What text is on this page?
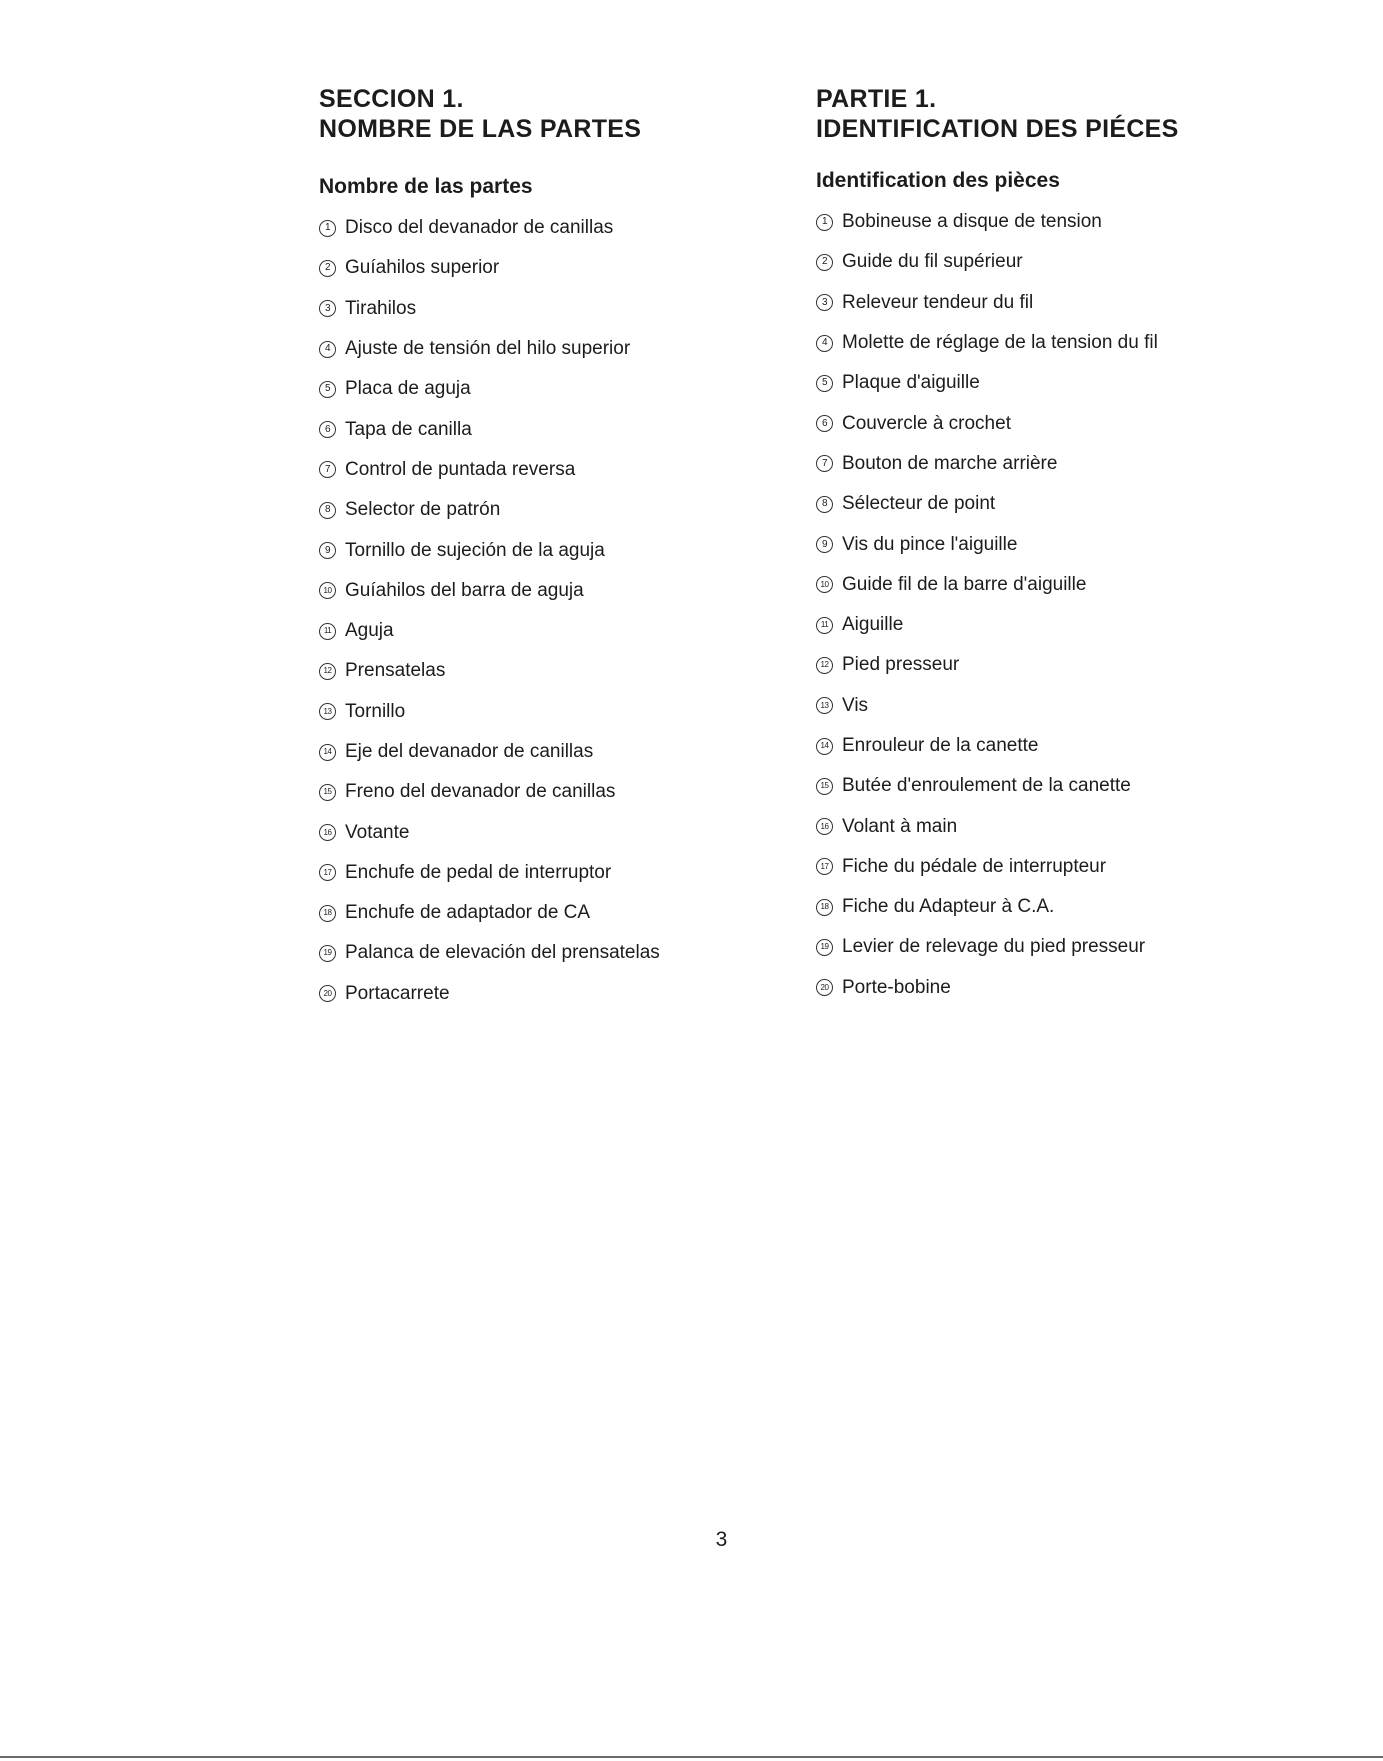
SECCION 1.
NOMBRE DE LAS PARTES
Nombre de las partes
1 Disco del devanador de canillas
2 Guíahilos superior
3 Tirahilos
4 Ajuste de tensión del hilo superior
5 Placa de aguja
6 Tapa de canilla
7 Control de puntada reversa
8 Selector de patrón
9 Tornillo de sujeción de la aguja
10 Guíahilos del barra de aguja
11 Aguja
12 Prensatelas
13 Tornillo
14 Eje del devanador de canillas
15 Freno del devanador de canillas
16 Votante
17 Enchufe de pedal de interruptor
18 Enchufe de adaptador de CA
19 Palanca de elevación del prensatelas
20 Portacarrete
PARTIE 1.
IDENTIFICATION DES PIÉCES
Identification des pièces
1 Bobineuse a disque de tension
2 Guide du fil supérieur
3 Releveur tendeur du fil
4 Molette de réglage de la tension du fil
5 Plaque d'aiguille
6 Couvercle à crochet
7 Bouton de marche arrière
8 Sélecteur de point
9 Vis du pince l'aiguille
10 Guide fil de la barre d'aiguille
11 Aiguille
12 Pied presseur
13 Vis
14 Enrouleur de la canette
15 Butée d'enroulement de la canette
16 Volant à main
17 Fiche du pédale de interrupteur
18 Fiche du Adapteur à C.A.
19 Levier de relevage du pied presseur
20 Porte-bobine
3
